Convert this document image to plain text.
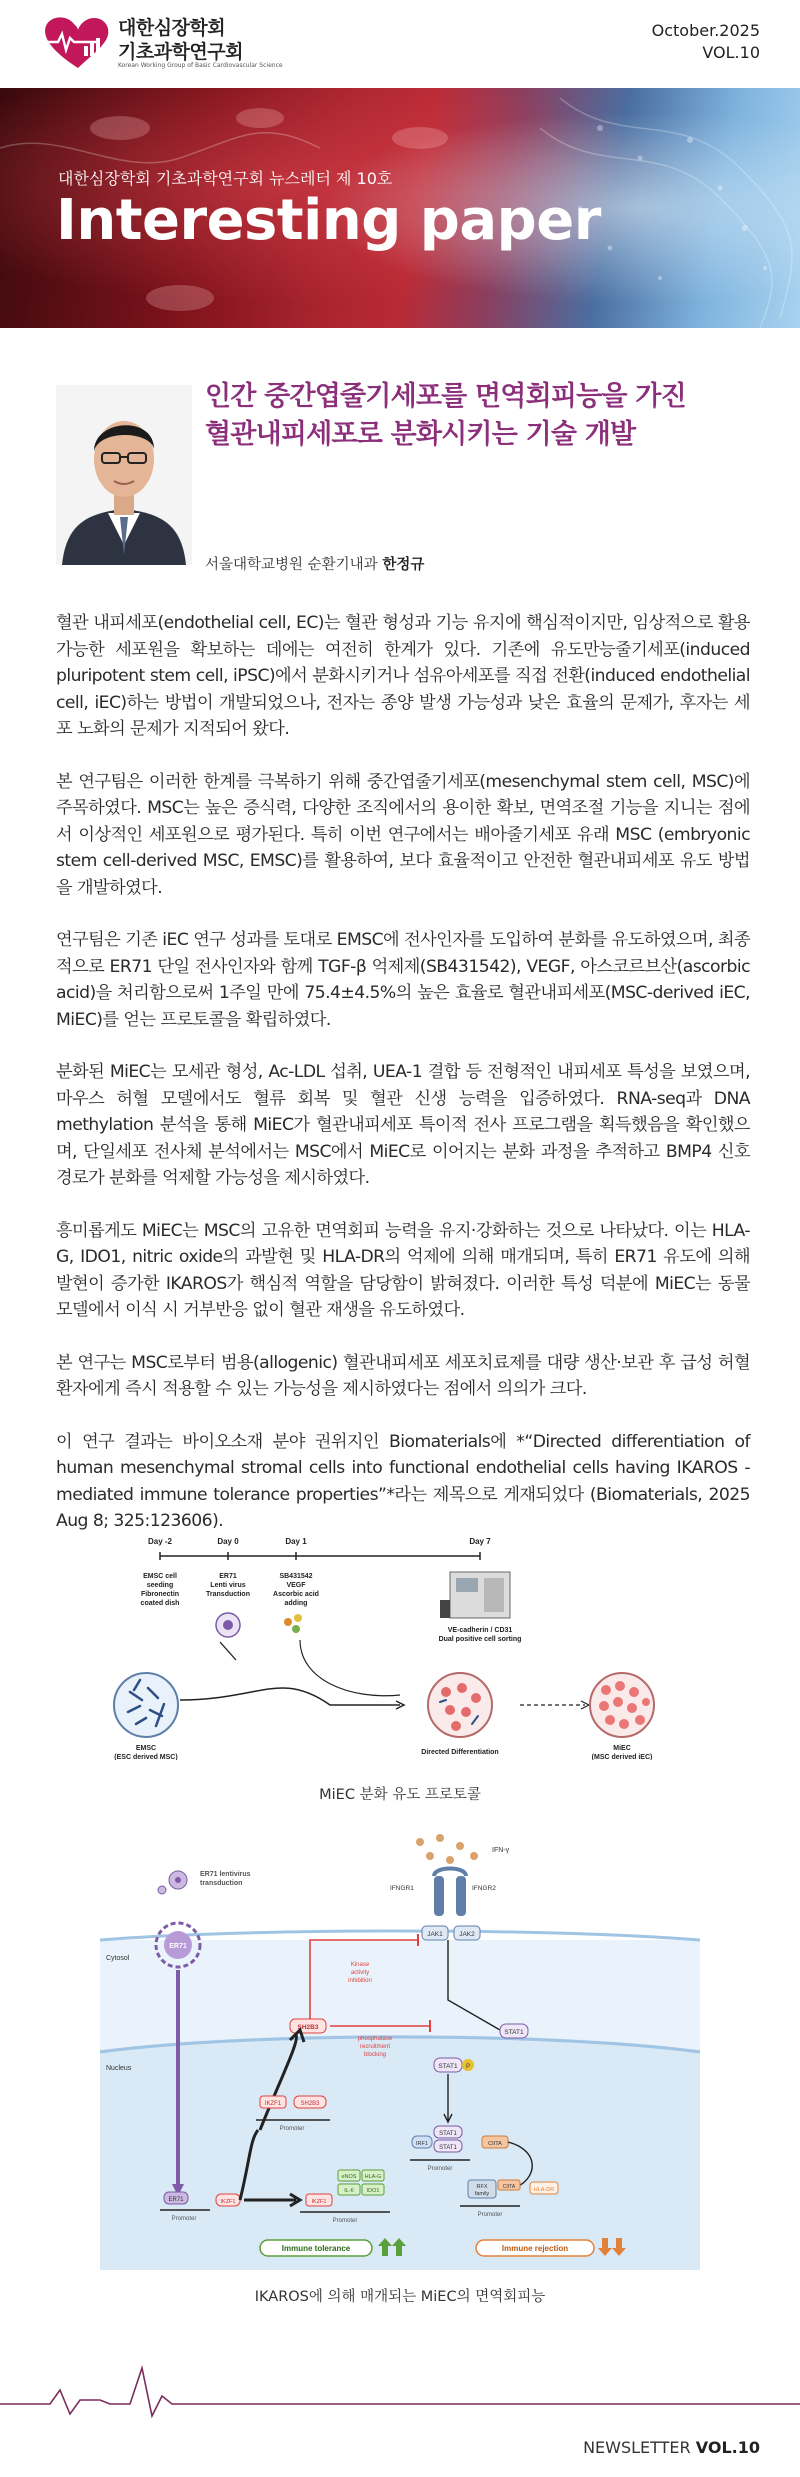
대한심장학회
기초과학연구회
Korean Working Group of Basic Cardiovascular Science
October.2025
VOL.10
대한심장학회 기초과학연구회 뉴스레터 제 10호
Interesting paper
인간 중간엽줄기세포를 면역회피능을 가진
혈관내피세포로 분화시키는 기술 개발
서울대학교병원 순환기내과 한정규

혈관 내피세포(endothelial cell, EC)는 혈관 형성과 기능 유지에 핵심적이지만, 임상적으로 활용 가능한 세포원을 확보하는 데에는 여전히 한계가 있다. 기존에 유도만능줄기세포(induced pluripotent stem cell, iPSC)에서 분화시키거나 섬유아세포를 직접 전환(induced endothelial cell, iEC)하는 방법이 개발되었으나, 전자는 종양 발생 가능성과 낮은 효율의 문제가, 후자는 세포 노화의 문제가 지적되어 왔다.

본 연구팀은 이러한 한계를 극복하기 위해 중간엽줄기세포(mesenchymal stem cell, MSC)에 주목하였다. MSC는 높은 증식력, 다양한 조직에서의 용이한 확보, 면역조절 기능을 지니는 점에서 이상적인 세포원으로 평가된다. 특히 이번 연구에서는 배아줄기세포 유래 MSC (embryonic stem cell-derived MSC, EMSC)를 활용하여, 보다 효율적이고 안전한 혈관내피세포 유도 방법을 개발하였다.

연구팀은 기존 iEC 연구 성과를 토대로 EMSC에 전사인자를 도입하여 분화를 유도하였으며, 최종적으로 ER71 단일 전사인자와 함께 TGF-β 억제제(SB431542), VEGF, 아스코르브산(ascorbic acid)을 처리함으로써 1주일 만에 75.4±4.5%의 높은 효율로 혈관내피세포(MSC-derived iEC, MiEC)를 얻는 프로토콜을 확립하였다.

분화된 MiEC는 모세관 형성, Ac-LDL 섭취, UEA-1 결합 등 전형적인 내피세포 특성을 보였으며, 마우스 허혈 모델에서도 혈류 회복 및 혈관 신생 능력을 입증하였다. RNA-seq과 DNA methylation 분석을 통해 MiEC가 혈관내피세포 특이적 전사 프로그램을 획득했음을 확인했으며, 단일세포 전사체 분석에서는 MSC에서 MiEC로 이어지는 분화 과정을 추적하고 BMP4 신호경로가 분화를 억제할 가능성을 제시하였다.

흥미롭게도 MiEC는 MSC의 고유한 면역회피 능력을 유지·강화하는 것으로 나타났다. 이는 HLA-G, IDO1, nitric oxide의 과발현 및 HLA-DR의 억제에 의해 매개되며, 특히 ER71 유도에 의해 발현이 증가한 IKAROS가 핵심적 역할을 담당함이 밝혀졌다. 이러한 특성 덕분에 MiEC는 동물 모델에서 이식 시 거부반응 없이 혈관 재생을 유도하였다.

본 연구는 MSC로부터 범용(allogenic) 혈관내피세포 세포치료제를 대량 생산·보관 후 급성 허혈 환자에게 즉시 적용할 수 있는 가능성을 제시하였다는 점에서 의의가 크다.

이 연구 결과는 바이오소재 분야 권위지인 Biomaterials에 *“Directed differentiation of human mesenchymal stromal cells into functional endothelial cells having IKAROS -mediated immune tolerance properties”*라는 제목으로 게재되었다 (Biomaterials, 2025 Aug 8; 325:123606).

Day -2	Day 0	Day 1	Day 7
EMSC cell
seeding
Fibronectin
coated dish
ER71
Lenti virus
Transduction
SB431542
VEGF
Ascorbic acid
adding
VE-cadherin / CD31
Dual positive cell sorting
EMSC
(ESC derived MSC)
Directed Differentiation
MiEC
(MSC derived iEC)
MiEC 분화 유도 프로토콜
Cytosol
Nucleus
ER71 lentivirus
transduction
ER71
IFN-γ
IFNGR1	IFNGR2
JAK1	JAK2
Kinase
activity
inhibition
phosphatase
recruitment
blocking
SH2B3
STAT1
STAT1 P
STAT1
STAT1
IRF1	CIITA
Promoter
RFX
family
CIITA	HLA-DR
Promoter
IKZF1	SH2B3
Promoter
ER71
Promoter
IKZF1	IKZF1
eNOS HLA-G
IL-6 IDO1
Promoter
Immune tolerance	Immune rejection
IKAROS에 의해 매개되는 MiEC의 면역회피능
NEWSLETTER VOL.10
